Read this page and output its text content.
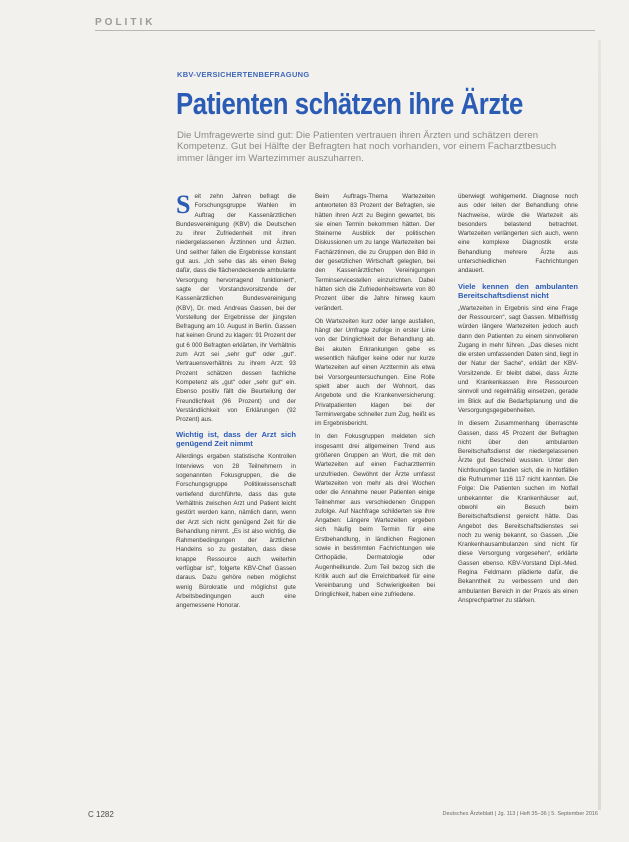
POLITIK
KBV-VERSICHERTENBEFRAGUNG
Patienten schätzen ihre Ärzte
Die Umfragewerte sind gut: Die Patienten vertrauen ihren Ärzten und schätzen deren Kompetenz. Gut bei Hälfte der Befragten hat noch vorhanden, vor einem Facharztbesuch immer länger im Wartezimmer auszuharren.

Seit zehn Jahren befragt die Forschungsgruppe Wahlen im Auftrag der Kassenärztlichen Bundesvereinigung (KBV) die Deutschen zu ihrer Zufriedenheit mit ihren niedergelassenen Ärztinnen und Ärzten. Und seither fallen die Ergebnisse konstant gut aus. „Ich sehe das als einen Beleg dafür, dass die flächendeckende ambulante Versorgung hervorragend funktioniert“, sagte der Vorstandsvorsitzende der Kassenärztlichen Bundesvereinigung (KBV), Dr. med. Andreas Gassen, bei der Vorstellung der Ergebnisse der jüngsten Befragung am 10. August in Berlin. Gassen hat keinen Grund zu klagen: 91 Prozent der gut 6 000 Befragten erklärten, ihr Verhältnis zum Arzt sei „sehr gut“ oder „gut“. Vertrauensverhältnis zu ihrem Arzt: 93 Prozent schätzen dessen fachliche Kompetenz als „gut“ oder „sehr gut“ ein. Ebenso positiv fällt die Beurteilung der Freundlichkeit (96 Prozent) und der Verständlichkeit von Erklärungen (92 Prozent) aus.

Wichtig ist, dass der Arzt sich genügend Zeit nimmt

Allerdings ergaben statistische Kontrollen Interviews von 28 Teilnehmern in sogenannten Fokusgruppen, die die Forschungsgruppe Politikwissenschaft vertiefend durchführte, dass das gute Verhältnis zwischen Arzt und Patient leicht gestört werden kann, nämlich dann, wenn der Arzt sich nicht genügend Zeit für die Behandlung nimmt. „Es ist also wichtig, die Rahmenbedingungen der ärztlichen Handelns so zu gestalten, dass diese knappe Ressource auch weiterhin verfügbar ist“, folgerte KBV-Chef Gassen daraus. Dazu gehöre neben möglichst wenig Bürokratie und möglichst gute Arbeitsbedingungen auch eine angemessene Honorar.

Beim Auftrags-Thema Wartezeiten antworteten 83 Prozent der Befragten, sie hätten ihren Arzt zu Beginn gewartet, bis sie einen Termin bekommen hätten. Der Steinerne Ausblick der politischen Diskussionen um zu lange Wartezeiten bei Fachärztinnen, die zu Gruppen den Bild in der gesetzlichen Wirtschaft gelegten, bei den Kassenärztlichen Vereinigungen Terminservicestellen einzurichten. Dabei hätten sich die Zufriedenheitswerte von 80 Prozent über die Jahre hinweg kaum verändert.

Ob Wartezeiten kurz oder lange ausfallen, hängt der Umfrage zufolge in erster Linie von der Dringlichkeit der Behandlung ab. Bei akuten Erkrankungen gebe es wesentlich häufiger keine oder nur kurze Wartezeiten auf einen Arzttermin als etwa bei Vorsorgeuntersuchungen. Eine Rolle spielt aber auch der Wohnort, das Angebote und die Krankenversicherung: Privatpatienten klagen bei der Terminvergabe schneller zum Zug, heißt es im Ergebnisbericht.

In den Fokusgruppen meldeten sich insgesamt drei allgemeinen Trend aus größeren Gruppen an Wort, die mit den Wartezeiten auf einen Facharzttermin unzufrieden. Gewöhnt der Ärzte umfasst Wartezeiten von mehr als drei Wochen oder die Annahme neuer Patienten einige Teilnehmer aus verschiedenen Gruppen zufolge. Auf Nachfrage schilderten sie ihre Angaben: Längere Wartezeiten ergeben sich häufig beim Termin für eine Erstbehandlung, in ländlichen Regionen sowie in bestimmten Fachrichtungen wie Orthopädie, Dermatologie oder Augenheilkunde. Zum Teil bezog sich die Kritik auch auf die Erreichbarkeit für eine Vereinbarung und Schwierigkeiten bei Dringlichkeit, haben eine zufriedene.

überwiegt wohlgemerkt. Diagnose noch aus oder leiten der Behandlung ohne Nachweise, würde die Wartezeit als besonders belastend betrachtet. Wartezeiten verlängerten sich auch, wenn eine komplexe Diagnostik erste Behandlung mehrere Ärzte aus unterschiedlichen Fachrichtungen andauert.

Viele kennen den ambulanten Bereitschaftsdienst nicht

„Wartezeiten in Ergebnis sind eine Frage der Ressourcen“, sagt Gassen. Mittelfristig würden längere Wartezeiten jedoch auch dann den Patienten zu einem sinnvolleren Zugang in mehr führen. „Das dieses nicht die ersten umfassenden Daten sind, liegt in der Natur der Sache“, erklärt der KBV-Vorsitzende. Er bleibt dabei, dass Ärzte und Krankenkassen ihre Ressourcen sinnvoll und regelmäßig einsetzen, gerade im Blick auf die Bedarfsplanung und die Versorgungsgegebenheiten.

In diesem Zusammenhang überraschte Gassen, dass 45 Prozent der Befragten nicht über den ambulanten Bereitschaftsdienst der niedergelassenen Ärzte gut Bescheid wussten. Unter den Nichtkundigen fanden sich, die in Notfällen die Rufnummer 116 117 nicht kannten. Die Folge: Die Patienten suchen im Notfall unbekannter die Krankenhäuser auf, obwohl ein Besuch beim Bereitschaftsdienst gereicht hätte. Das Angebot des Bereitschaftsdienstes sei noch zu wenig bekannt, so Gassen. „Die Krankenhausambulanzen sind nicht für diese Versorgung vorgesehen“, erklärte Gassen ebenso. KBV-Vorstand Dipl.-Med. Regina Feldmann plädierte dafür, die Bekanntheit zu verbessern und den ambulanten Bereich in der Praxis als einen Ansprechpartner zu stärken.

C 1282	Deutsches Ärzteblatt | Jg. 113 | Heft 35–36 | 5. September 2016
